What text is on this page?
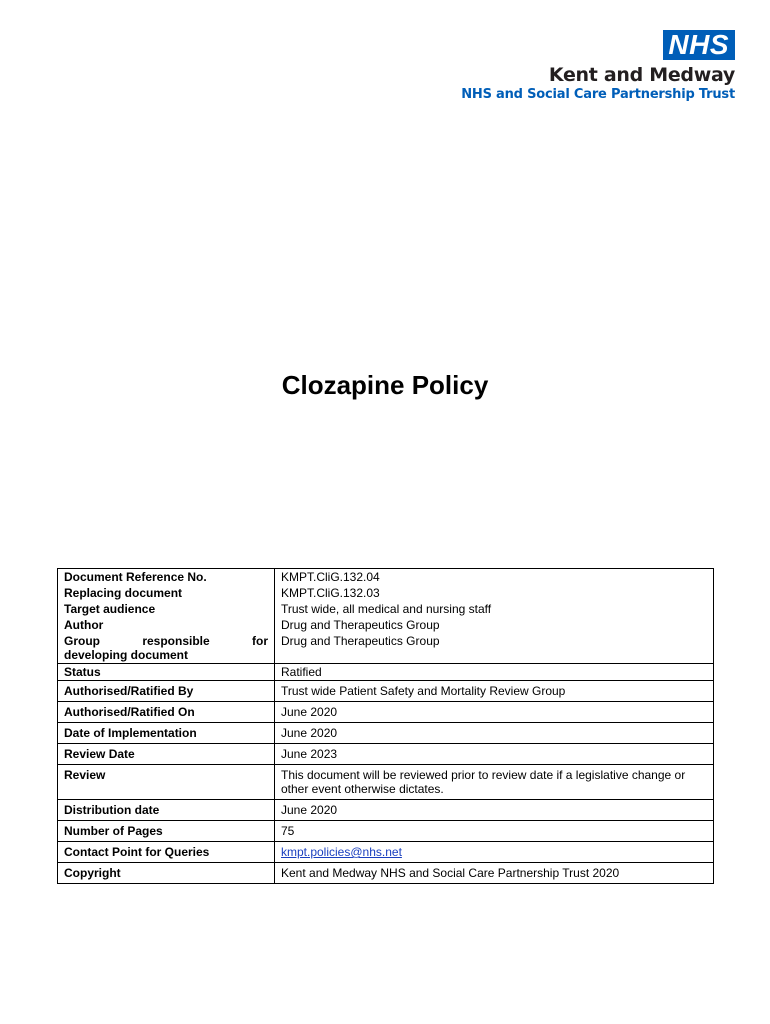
NHS
Kent and Medway
NHS and Social Care Partnership Trust
Clozapine Policy
Document Reference No.	KMPT.CliG.132.04
Replacing document	KMPT.CliG.132.03
Target audience	Trust wide, all medical and nursing staff
Author	Drug and Therapeutics Group

Group responsible for
developing document	Drug and Therapeutics Group
Status	Ratified
Authorised/Ratified By	Trust wide Patient Safety and Mortality Review Group
Authorised/Ratified On	June 2020
Date of Implementation	June 2020
Review Date	June 2023
Review	This document will be reviewed prior to review date if a legislative change or other event otherwise dictates.
Distribution date	June 2020
Number of Pages	75
Contact Point for Queries	kmpt.policies@nhs.net
Copyright	Kent and Medway NHS and Social Care Partnership Trust 2020
